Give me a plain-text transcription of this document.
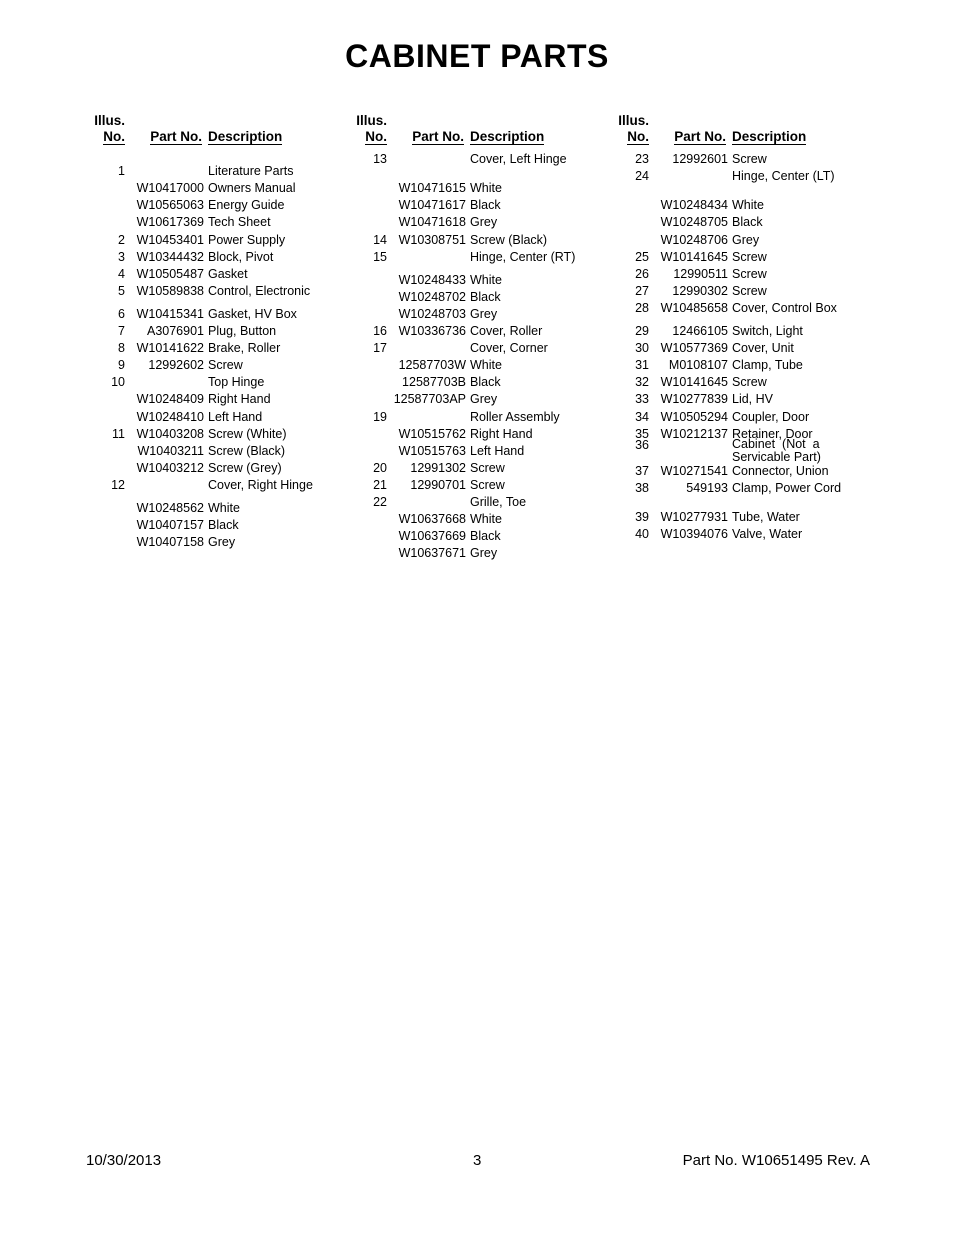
CABINET PARTS
Illus.
No.	Part No. Description
1	Literature Parts
W10417000 Owners Manual
W10565063 Energy Guide
W10617369 Tech Sheet
2 W10453401 Power Supply
3 W10344432 Block, Pivot
4 W10505487 Gasket
5 W10589838 Control, Electronic
6 W10415341 Gasket, HV Box
7	A3076901 Plug, Button
8 W10141622 Brake, Roller
9	12992602 Screw
10	Top Hinge
W10248409 Right Hand
W10248410 Left Hand
11 W10403208 Screw (White)
W10403211 Screw (Black)
W10403212 Screw (Grey)
12	Cover, Right Hinge
W10248562 White
W10407157 Black
W10407158 Grey
Illus.
No.	Part No. Description
13	Cover, Left Hinge
W10471615 White
W10471617 Black
W10471618 Grey
14 W10308751 Screw (Black)
15	Hinge, Center (RT)
W10248433 White
W10248702 Black
W10248703 Grey
16 W10336736 Cover, Roller
17	Cover, Corner
12587703W White
12587703B Black
12587703AP Grey
19	Roller Assembly
W10515762 Right Hand
W10515763 Left Hand
20	12991302 Screw
21	12990701 Screw
22	Grille, Toe
W10637668 White
W10637669 Black
W10637671 Grey
Illus.
No.	Part No. Description
23	12992601 Screw
24	Hinge, Center (LT)
W10248434 White
W10248705 Black
W10248706 Grey
25 W10141645 Screw
26	12990511 Screw
27	12990302 Screw
28 W10485658 Cover, Control Box
29	12466105 Switch, Light
30 W10577369 Cover, Unit
31	M0108107 Clamp, Tube
32 W10141645 Screw
33 W10277839 Lid, HV
34 W10505294 Coupler, Door
35 W10212137 Retainer, Door
36	Cabinet  (Not  a
Servicable Part)
37 W10271541 Connector, Union
38	549193 Clamp, Power Cord
39 W10277931 Tube, Water
40 W10394076 Valve, Water
10/30/2013	3	Part No. W10651495 Rev. A
